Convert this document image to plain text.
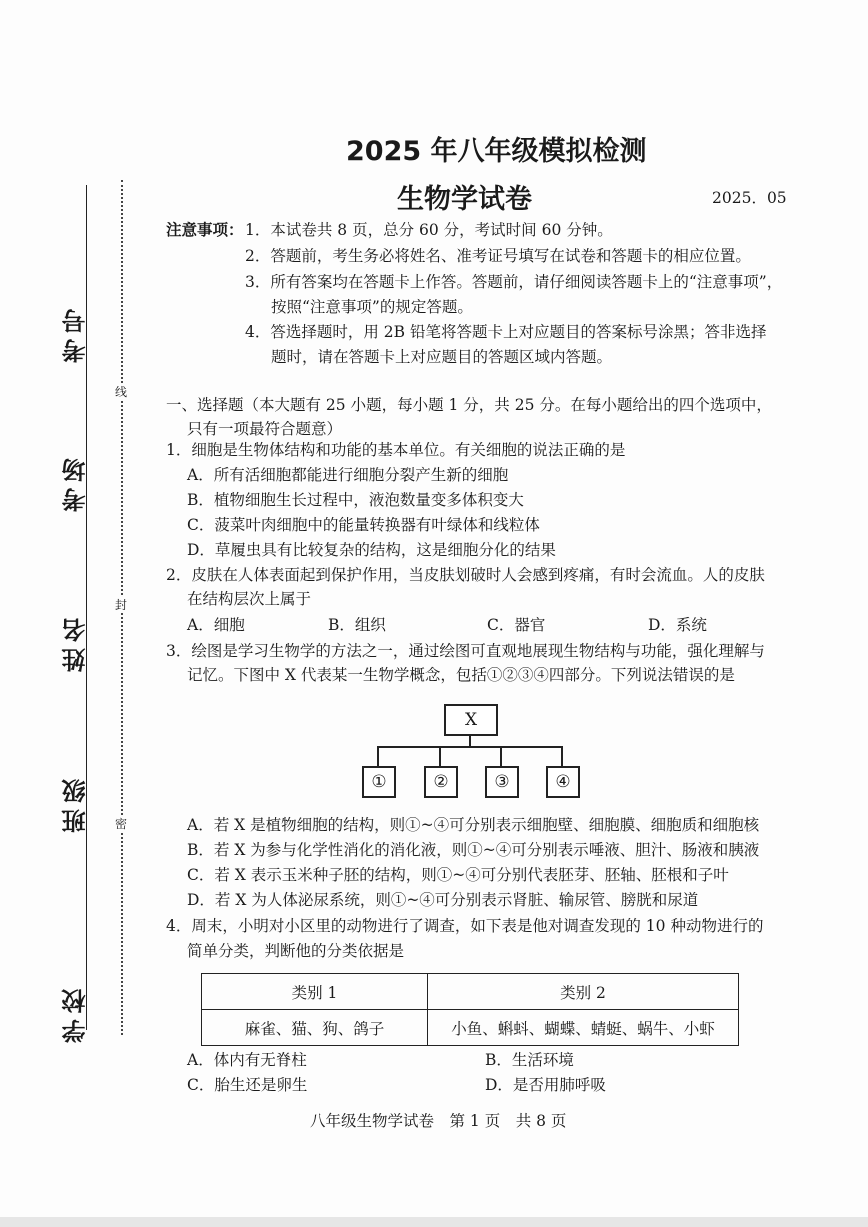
考号
考场
姓名
班级
学校
线
封
密
2025 年八年级模拟检测
生物学试卷	2025．05
注意事项： 1．本试卷共 8 页，总分 60 分，考试时间 60 分钟。
2．答题前，考生务必将姓名、准考证号填写在试卷和答题卡的相应位置。
3．所有答案均在答题卡上作答。答题前，请仔细阅读答题卡上的“注意事项”，
按照“注意事项”的规定答题。
4．答选择题时，用 2B 铅笔将答题卡上对应题目的答案标号涂黑；答非选择
题时，请在答题卡上对应题目的答题区域内答题。
一、选择题（本大题有 25 小题，每小题 1 分，共 25 分。在每小题给出的四个选项中，
只有一项最符合题意）
1．细胞是生物体结构和功能的基本单位。有关细胞的说法正确的是
A．所有活细胞都能进行细胞分裂产生新的细胞
B．植物细胞生长过程中，液泡数量变多体积变大
C．菠菜叶肉细胞中的能量转换器有叶绿体和线粒体
D．草履虫具有比较复杂的结构，这是细胞分化的结果
2．皮肤在人体表面起到保护作用，当皮肤划破时人会感到疼痛，有时会流血。人的皮肤
在结构层次上属于
A．细胞	B．组织	C．器官	D．系统
3．绘图是学习生物学的方法之一，通过绘图可直观地展现生物结构与功能，强化理解与
记忆。下图中 X 代表某一生物学概念，包括①②③④四部分。下列说法错误的是
X
①	②	③	④
A．若 X 是植物细胞的结构，则①~④可分别表示细胞壁、细胞膜、细胞质和细胞核
B．若 X 为参与化学性消化的消化液，则①~④可分别表示唾液、胆汁、肠液和胰液
C．若 X 表示玉米种子胚的结构，则①~④可分别代表胚芽、胚轴、胚根和子叶
D．若 X 为人体泌尿系统，则①~④可分别表示肾脏、输尿管、膀胱和尿道
4．周末，小明对小区里的动物进行了调查，如下表是他对调查发现的 10 种动物进行的
简单分类，判断他的分类依据是
类别 1	类别 2
麻雀、猫、狗、鸽子	小鱼、蝌蚪、蝴蝶、蜻蜓、蜗牛、小虾
A．体内有无脊柱	B．生活环境
C．胎生还是卵生	D．是否用肺呼吸
八年级生物学试卷　第 1 页　共 8 页
